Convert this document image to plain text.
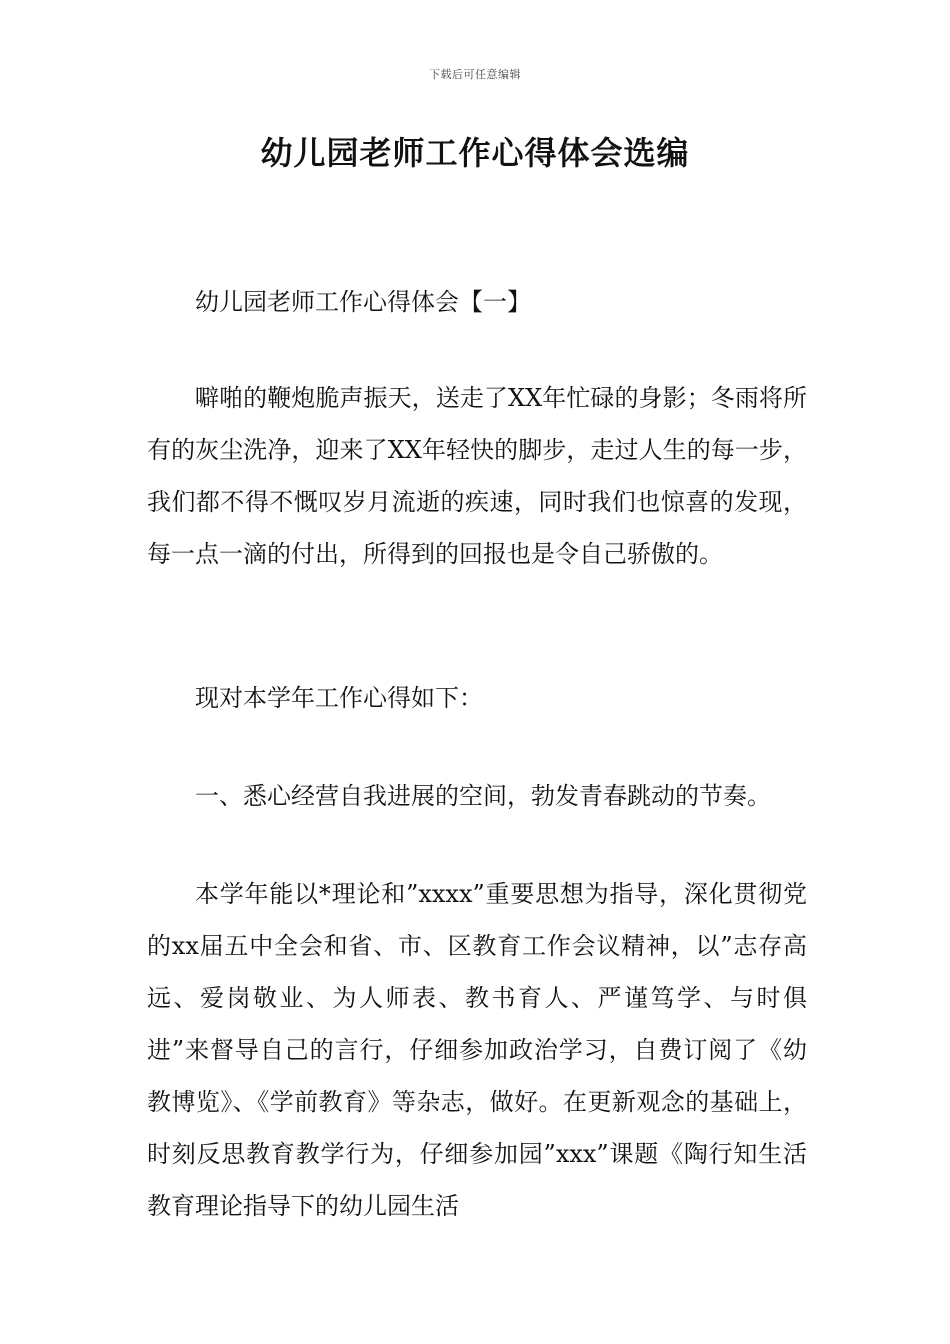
下载后可任意编辑
幼儿园老师工作心得体会选编

幼儿园老师工作心得体会【一】

噼啪的鞭炮脆声振天，送走了XX年忙碌的身影；冬雨将所有的灰尘洗净，迎来了XX年轻快的脚步，走过人生的每一步，我们都不得不慨叹岁月流逝的疾速，同时我们也惊喜的发现，每一点一滴的付出，所得到的回报也是令自己骄傲的。

现对本学年工作心得如下：

一、悉心经营自我进展的空间，勃发青春跳动的节奏。

本学年能以*理论和”xxxx”重要思想为指导，深化贯彻党的xx届五中全会和省、市、区教育工作会议精神，以”志存高远、爱岗敬业、为人师表、教书育人、严谨笃学、与时俱进”来督导自己的言行，仔细参加政治学习，自费订阅了《幼教博览》、《学前教育》等杂志，做好。在更新观念的基础上，时刻反思教育教学行为，仔细参加园”xxx”课题《陶行知生活教育理论指导下的幼儿园生活
